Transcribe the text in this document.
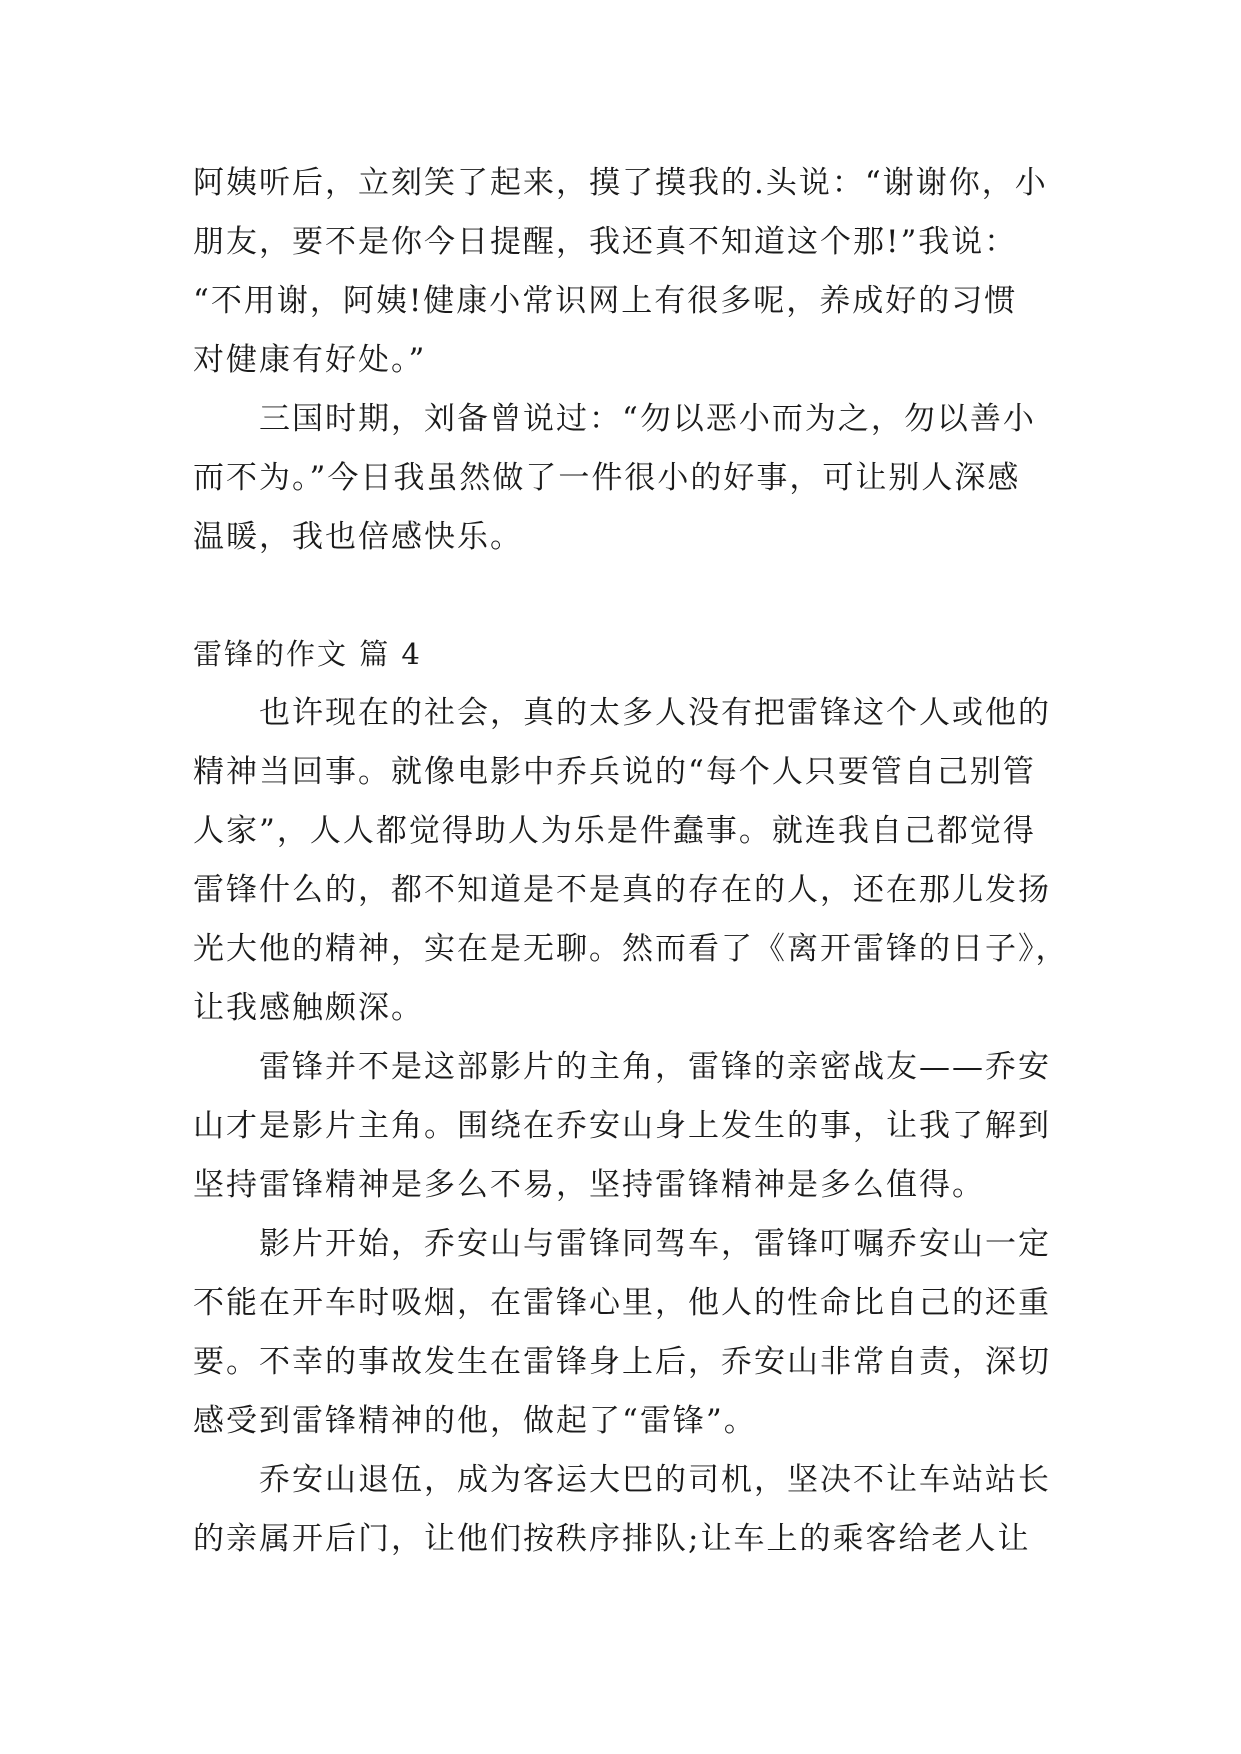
阿姨听后，立刻笑了起来，摸了摸我的.头说：“谢谢你，小
朋友，要不是你今日提醒，我还真不知道这个那!”我说：
“不用谢，阿姨!健康小常识网上有很多呢，养成好的习惯
对健康有好处。”
三国时期，刘备曾说过：“勿以恶小而为之，勿以善小
而不为。”今日我虽然做了一件很小的好事，可让别人深感
温暖，我也倍感快乐。
雷锋的作文 篇 4
也许现在的社会，真的太多人没有把雷锋这个人或他的
精神当回事。就像电影中乔兵说的“每个人只要管自己别管
人家”，人人都觉得助人为乐是件蠢事。就连我自己都觉得
雷锋什么的，都不知道是不是真的存在的人，还在那儿发扬
光大他的精神，实在是无聊。然而看了《离开雷锋的日子》，
让我感触颇深。
雷锋并不是这部影片的主角，雷锋的亲密战友——乔安
山才是影片主角。围绕在乔安山身上发生的事，让我了解到
坚持雷锋精神是多么不易，坚持雷锋精神是多么值得。
影片开始，乔安山与雷锋同驾车，雷锋叮嘱乔安山一定
不能在开车时吸烟，在雷锋心里，他人的性命比自己的还重
要。不幸的事故发生在雷锋身上后，乔安山非常自责，深切
感受到雷锋精神的他，做起了“雷锋”。
乔安山退伍，成为客运大巴的司机，坚决不让车站站长
的亲属开后门，让他们按秩序排队;让车上的乘客给老人让
